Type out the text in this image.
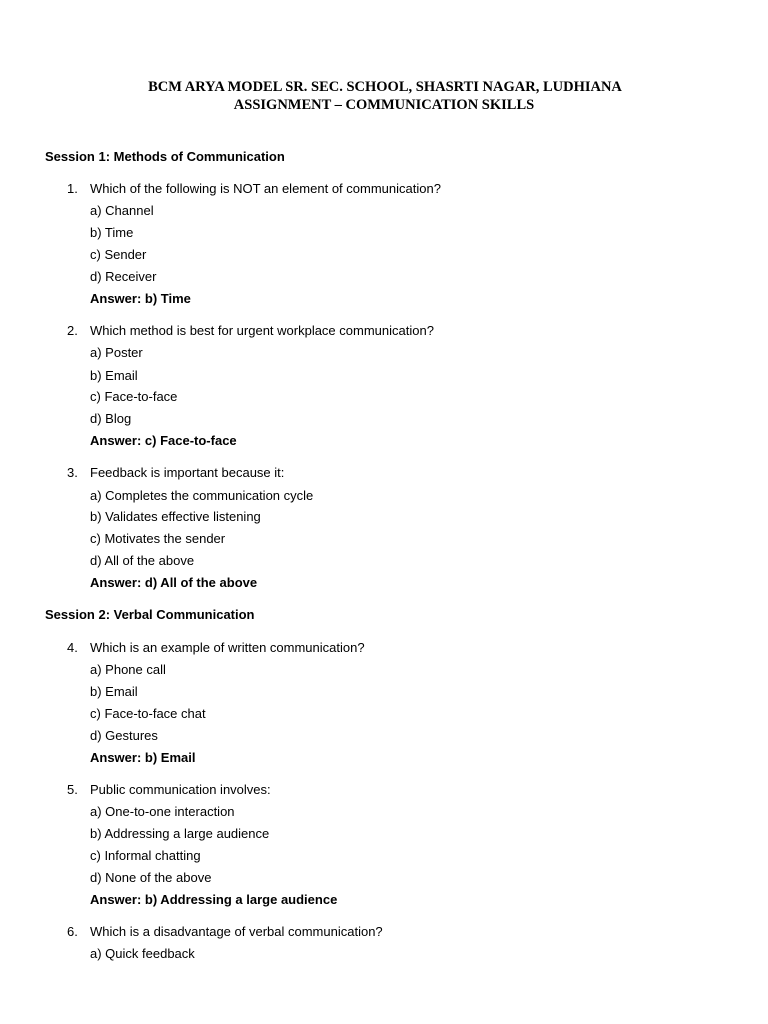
BCM ARYA MODEL SR. SEC. SCHOOL, SHASRTI NAGAR, LUDHIANA
ASSIGNMENT – COMMUNICATION SKILLS
Session 1: Methods of Communication
1. Which of the following is NOT an element of communication?
a) Channel
b) Time
c) Sender
d) Receiver
Answer: b) Time
2. Which method is best for urgent workplace communication?
a) Poster
b) Email
c) Face-to-face
d) Blog
Answer: c) Face-to-face
3. Feedback is important because it:
a) Completes the communication cycle
b) Validates effective listening
c) Motivates the sender
d) All of the above
Answer: d) All of the above
Session 2: Verbal Communication
4. Which is an example of written communication?
a) Phone call
b) Email
c) Face-to-face chat
d) Gestures
Answer: b) Email
5. Public communication involves:
a) One-to-one interaction
b) Addressing a large audience
c) Informal chatting
d) None of the above
Answer: b) Addressing a large audience
6. Which is a disadvantage of verbal communication?
a) Quick feedback
